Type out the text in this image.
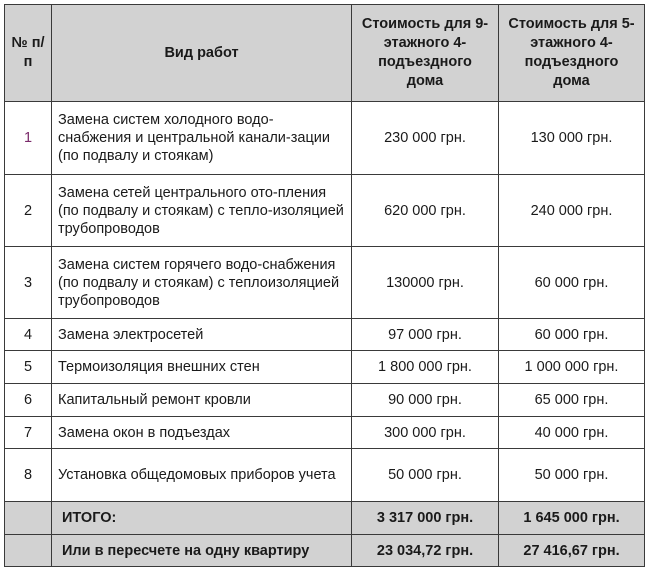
№ п/п	Вид работ	Стоимость для 9-этажного 4-подъездного дома	Стоимость для 5-этажного 4-подъездного дома
1	Замена систем холодного водо-снабжения и центральной канали-зации (по подвалу и стоякам)	230 000 грн.	130 000 грн.
2	Замена сетей центрального ото-пления (по подвалу и стоякам) с тепло-изоляцией трубопроводов	620 000 грн.	240 000 грн.
3	Замена систем горячего водо-снабжения (по подвалу и стоякам) с теплоизоляцией трубопроводов	130000 грн.	60 000 грн.
4	Замена электросетей	97 000 грн.	60 000 грн.
5	Термоизоляция внешних стен	1 800 000 грн.	1 000 000 грн.
6	Капитальный ремонт кровли	90 000 грн.	65 000 грн.
7	Замена окон в подъездах	300 000 грн.	40 000 грн.
8	Установка общедомовых приборов учета	50 000 грн.	50 000 грн.
	ИТОГО:	3 317 000 грн.	1 645 000 грн.
	Или в пересчете на одну квартиру	23 034,72 грн.	27 416,67 грн.
